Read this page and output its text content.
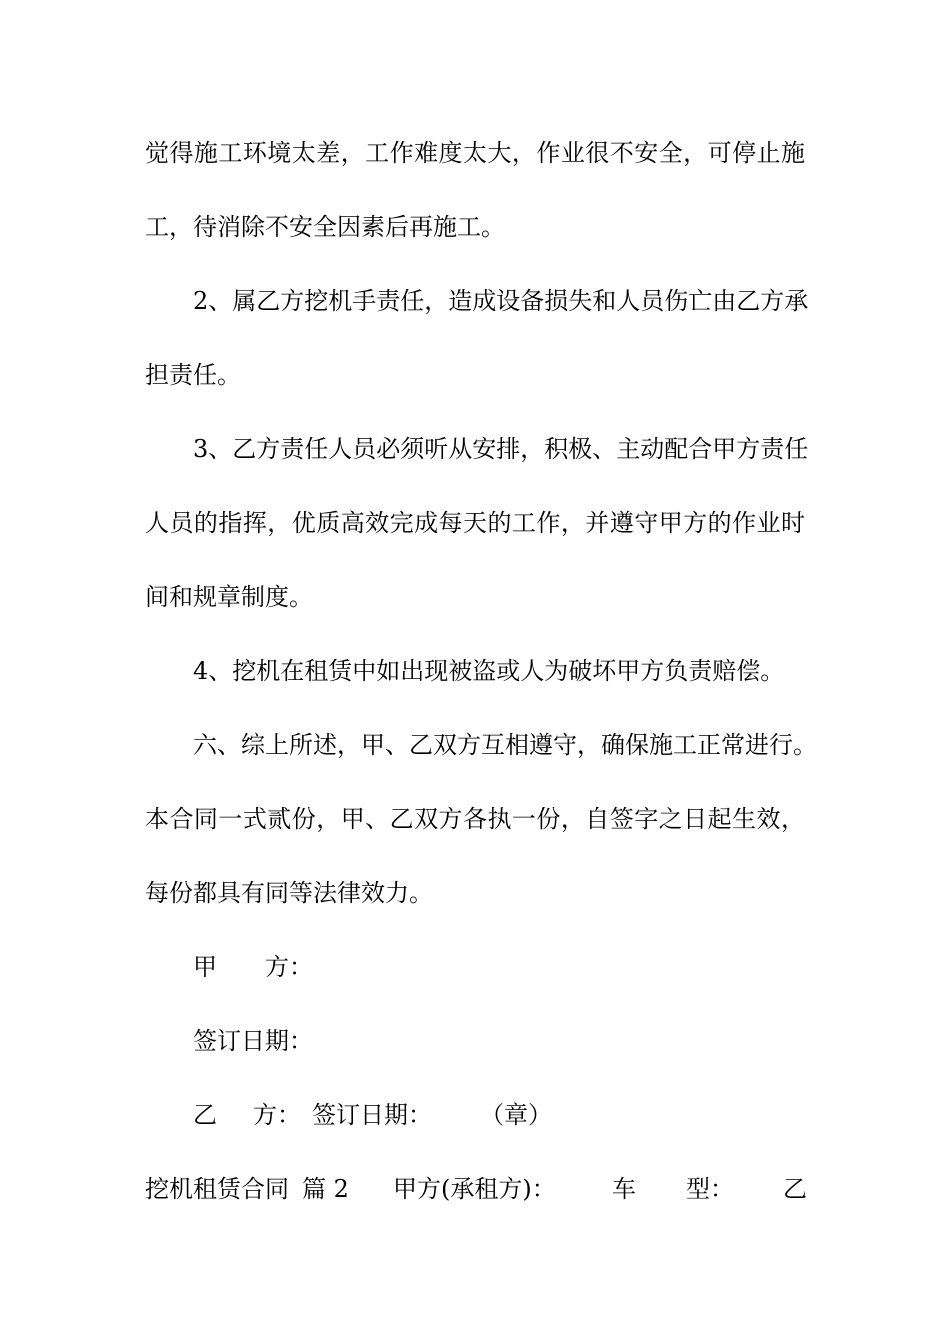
觉得施工环境太差，工作难度太大，作业很不安全，可停止施
工，待消除不安全因素后再施工。
2、属乙方挖机手责任，造成设备损失和人员伤亡由乙方承
担责任。
3、乙方责任人员必须听从安排，积极、主动配合甲方责任
人员的指挥，优质高效完成每天的工作，并遵守甲方的作业时
间和规章制度。
4、挖机在租赁中如出现被盗或人为破坏甲方负责赔偿。
六、综上所述，甲、乙双方互相遵守，确保施工正常进行。
本合同一式贰份，甲、乙双方各执一份，自签字之日起生效，
每份都具有同等法律效力。
甲 方：
签订日期：
乙 方： 签订日期： （章）
挖机租赁合同 篇 2 甲方(承租方)： 车 型： 乙
